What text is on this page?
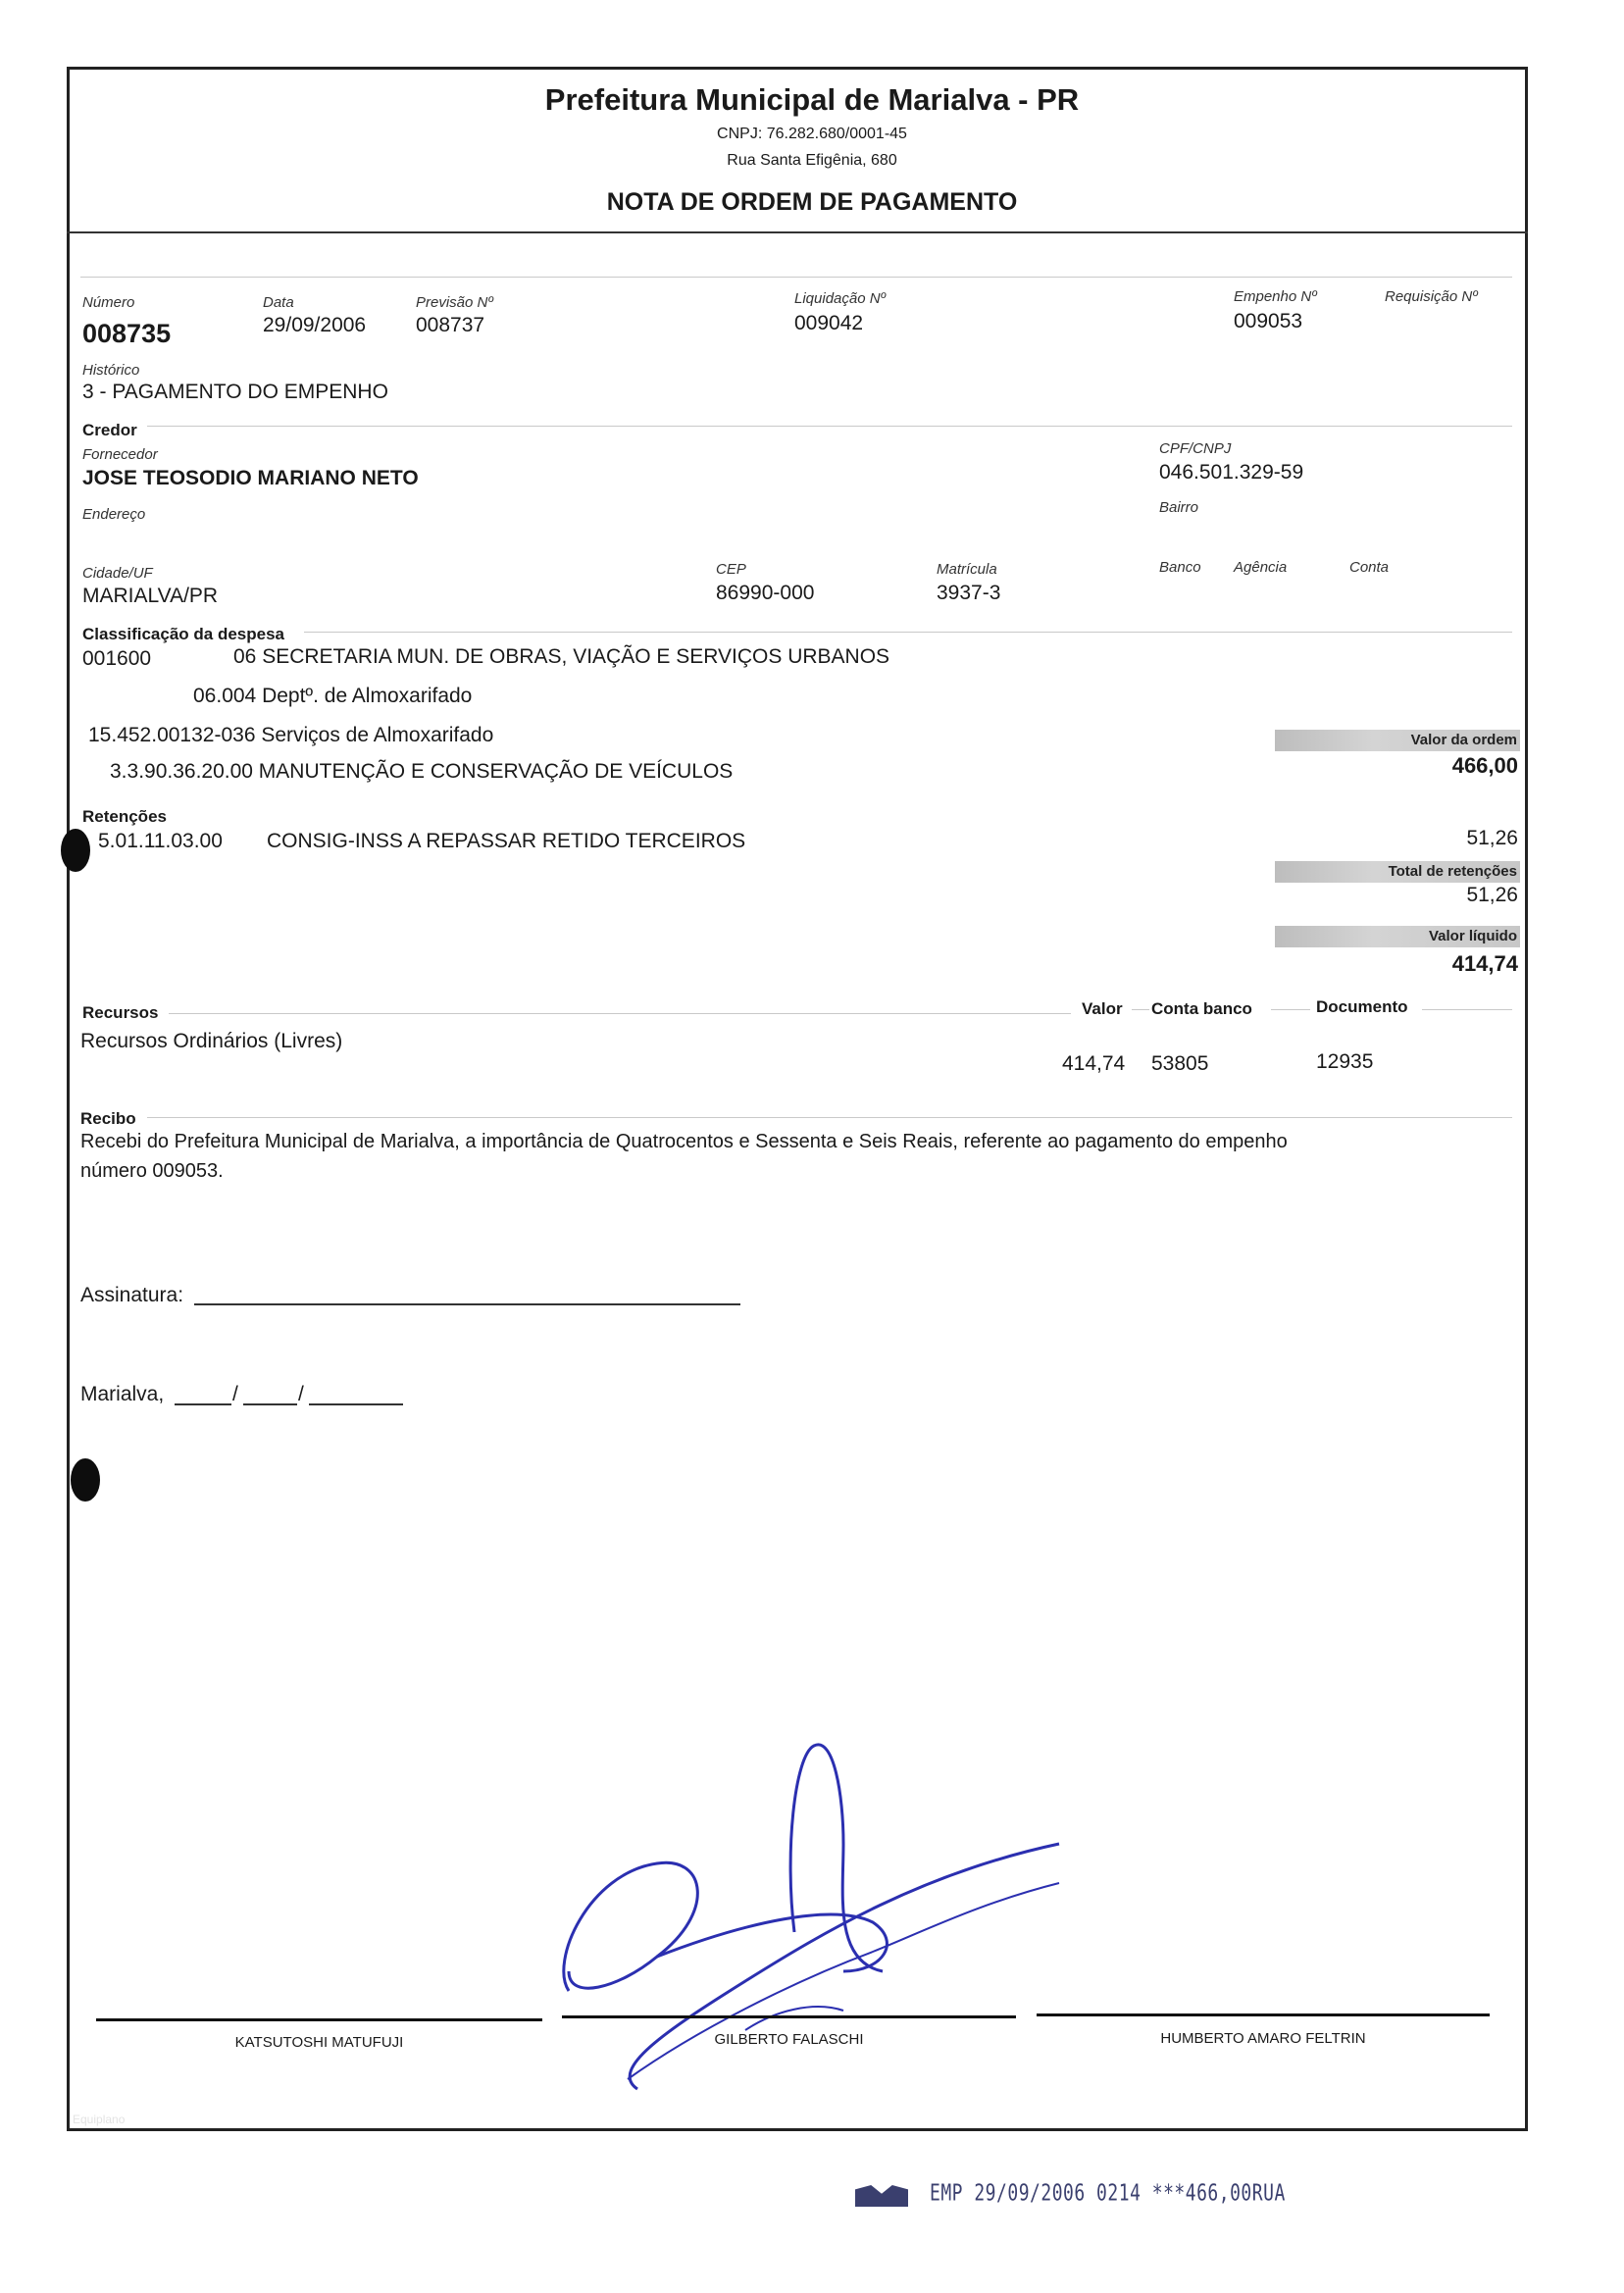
Prefeitura Municipal de Marialva - PR
CNPJ: 76.282.680/0001-45
Rua Santa Efigênia, 680
NOTA DE ORDEM DE PAGAMENTO
Número
008735
Data
29/09/2006
Previsão Nº
008737
Liquidação Nº
009042
Empenho Nº
009053
Requisição Nº
Histórico
3 - PAGAMENTO DO EMPENHO
Credor
Fornecedor
JOSE TEOSODIO MARIANO NETO
CPF/CNPJ
046.501.329-59
Endereço	Bairro
Cidade/UF
MARIALVA/PR
CEP
86990-000
Matrícula
3937-3
Banco Agência	Conta
Classificação da despesa
001600	06 SECRETARIA MUN. DE OBRAS, VIAÇÃO E SERVIÇOS URBANOS
06.004 Deptº. de Almoxarifado
15.452.00132-036 Serviços de Almoxarifado
3.3.90.36.20.00 MANUTENÇÃO E CONSERVAÇÃO DE VEÍCULOS
Valor da ordem
466,00
Retenções
5.01.11.03.00 CONSIG-INSS A REPASSAR RETIDO TERCEIROS	51,26
Total de retenções
51,26
Valor líquido
414,74
Recursos	Valor Conta banco	Documento
Recursos Ordinários (Livres)
414,74 53805	12935
Recibo
Recebi do Prefeitura Municipal de Marialva, a importância de Quatrocentos e Sessenta e Seis Reais, referente ao pagamento do empenho
número 009053.
Assinatura:
Marialva,	/	/
KATSUTOSHI MATUFUJI	GILBERTO FALASCHI	HUMBERTO AMARO FELTRIN
Equiplano
EMP 29/09/2006 0214 ***466,00RUA
